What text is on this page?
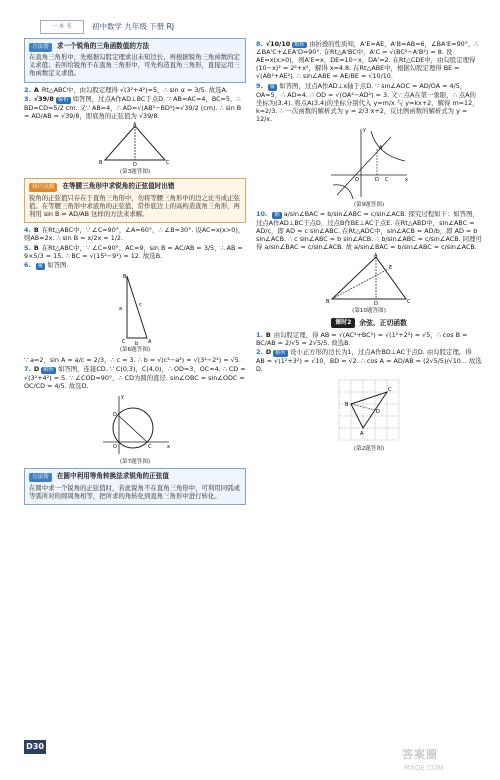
一本书	初中数学 九年级 下册 RJ
方法帮 求一个锐角的三角函数值的方法
在直角三角形中，先根据勾股定理求出未知边长，再根据锐角三角函数的定义求值；若所给锐角不在直角三角形中，可先构造直角三角形，直接运用三角函数定义求值。
2. A Rt△ABC中，由勾股定理得 √(3²+4²)=5，∴ sin α = 3/5. 故选A.
3. √39/8 解析 如答图，过点A作AD⊥BC于点D. ∵ AB=AC=4，BC=5，∴ BD=CD=5/2 cm. 又∵ AB=4，∴ AD=√(AB²−BD²)=√39/2 (cm). ∴ sin B = AD/AB = √39/8，即底角的正弦值为 √39/8.
A
B	D	C
(第3题答图)
技巧点拨 在等腰三角形中求锐角的正弦值时出错
锐角的正弦值只存在于直角三角形中，勿将等腰三角形中的边之比当成正弦值。在等腰三角形中求底角的正弦值，常作底边上的高构造直角三角形，再利用 sin B = AD/AB 这样的方法来求解。
4. B 在Rt△ABC中，∵ ∠C=90°，∠A=60°，∴ ∠B=30°. 设AC=x(x>0)，则AB=2x. ∴ sin B = x/2x = 1/2.
5. B 在Rt△ABC中，∵ ∠C=90°，AC=9，sin B = AC/AB = 3/5，∴ AB = 9×5/3 = 15. ∴ BC = √(15²−9²) = 12. 故选B.
6. 解 如答图.
B
C	A
a
c
b
(第6题答图)
∵ a=2，sin A = a/c = 2/3，∴ c = 3. ∴ b = √(c²−a²) = √(3²−2²) = √5.
7. D 解析 如答图，连接CD. ∵ C(0,3)，C(4,0)，∴ OD=3，OC=4. ∴ CD = √(3²+4²) = 5. ∵ ∠COD=90°，∴ CD为圆的直径. sin∠OBC = sin∠ODC = OC/CD = 4/5. 故选D.
x
y
O	C
D
(第7题答图)
方法帮 在圆中利用等角转换法求锐角的正弦值
在圆中求一个锐角的正弦值时，若此锐角不在直角三角形中，可利用同弧或等弧所对的圆周角相等，把所求的角转化到直角三角形中进行转化。
8. √10/10 解析 由折叠的性质知，A'E=AE，A'B=AB=6，∠BA'E=90°，∴ ∠BA'C+∠EA'D=90°. 在Rt△A'BC中，A'C = √(BC²−A'B²) = 8. 设AE=x(x>0)，则A'E=x，DE=10−x，DA'=2. 在Rt△CDE中，由勾股定理得 (10−x)² = 2²+x²，解得 x=4.8. 在Rt△ABE中，根据勾股定理得 BE = √(AB²+AE²). ∴ sin∠ABE = AE/BE = √10/10.
9. 解 如答图，过点A作AD⊥x轴于点D. ∵ sin∠AOC = AD/OA = 4/5，OA=5，∴ AD=4. ∴ OD = √(OA²−AD²) = 3. 又∵ 点A在第一象限，∴ 点A的坐标为(3,4). 将点A(3,4)的坐标分别代入 y=m/x 与 y=kx+2，解得 m=12，k=2/3. ∴ 一次函数的解析式为 y = 2/3 x+2，反比例函数的解析式为 y = 12/x.
x
y
A
O	D C
(第9题答图)
10. 解 a/sin∠BAC = b/sin∠ABC = c/sin∠ACB. 探究过程如下：如答图，过点A作AD⊥BC于点D，过点B作BE⊥AC于点E. 在Rt△ABD中，sin∠ABC = AD/c，即 AD = c sin∠ABC. 在Rt△ADC中，sin∠ACB = AD/b，即 AD = b sin∠ACB. ∴ c sin∠ABC = b sin∠ACB. ∴ b/sin∠ABC = c/sin∠ACB. 同理可得 a/sin∠BAC = c/sin∠ACB. 故 a/sin∠BAC = b/sin∠ABC = c/sin∠ACB.
A
B	D	C
E
(第10题答图)
课时2	余弦、正切函数
1. B 由勾股定理，得 AB = √(AC²+BC²) = √(1²+2²) = √5，∴ cos B = BC/AB = 2/√5 = 2√5/5. 故选B.
2. D 解析 设小正方形的边长为1，过点A作BD⊥AC于点D. 由勾股定理，得 AB = √(1²+3²) = √10，BD = √2. ∴ cos A = AD/AB = (2√5/5)/√10... 故选D.
B
C
A
D
(第2题答图)
D30
答案圈
MXQE.COM
